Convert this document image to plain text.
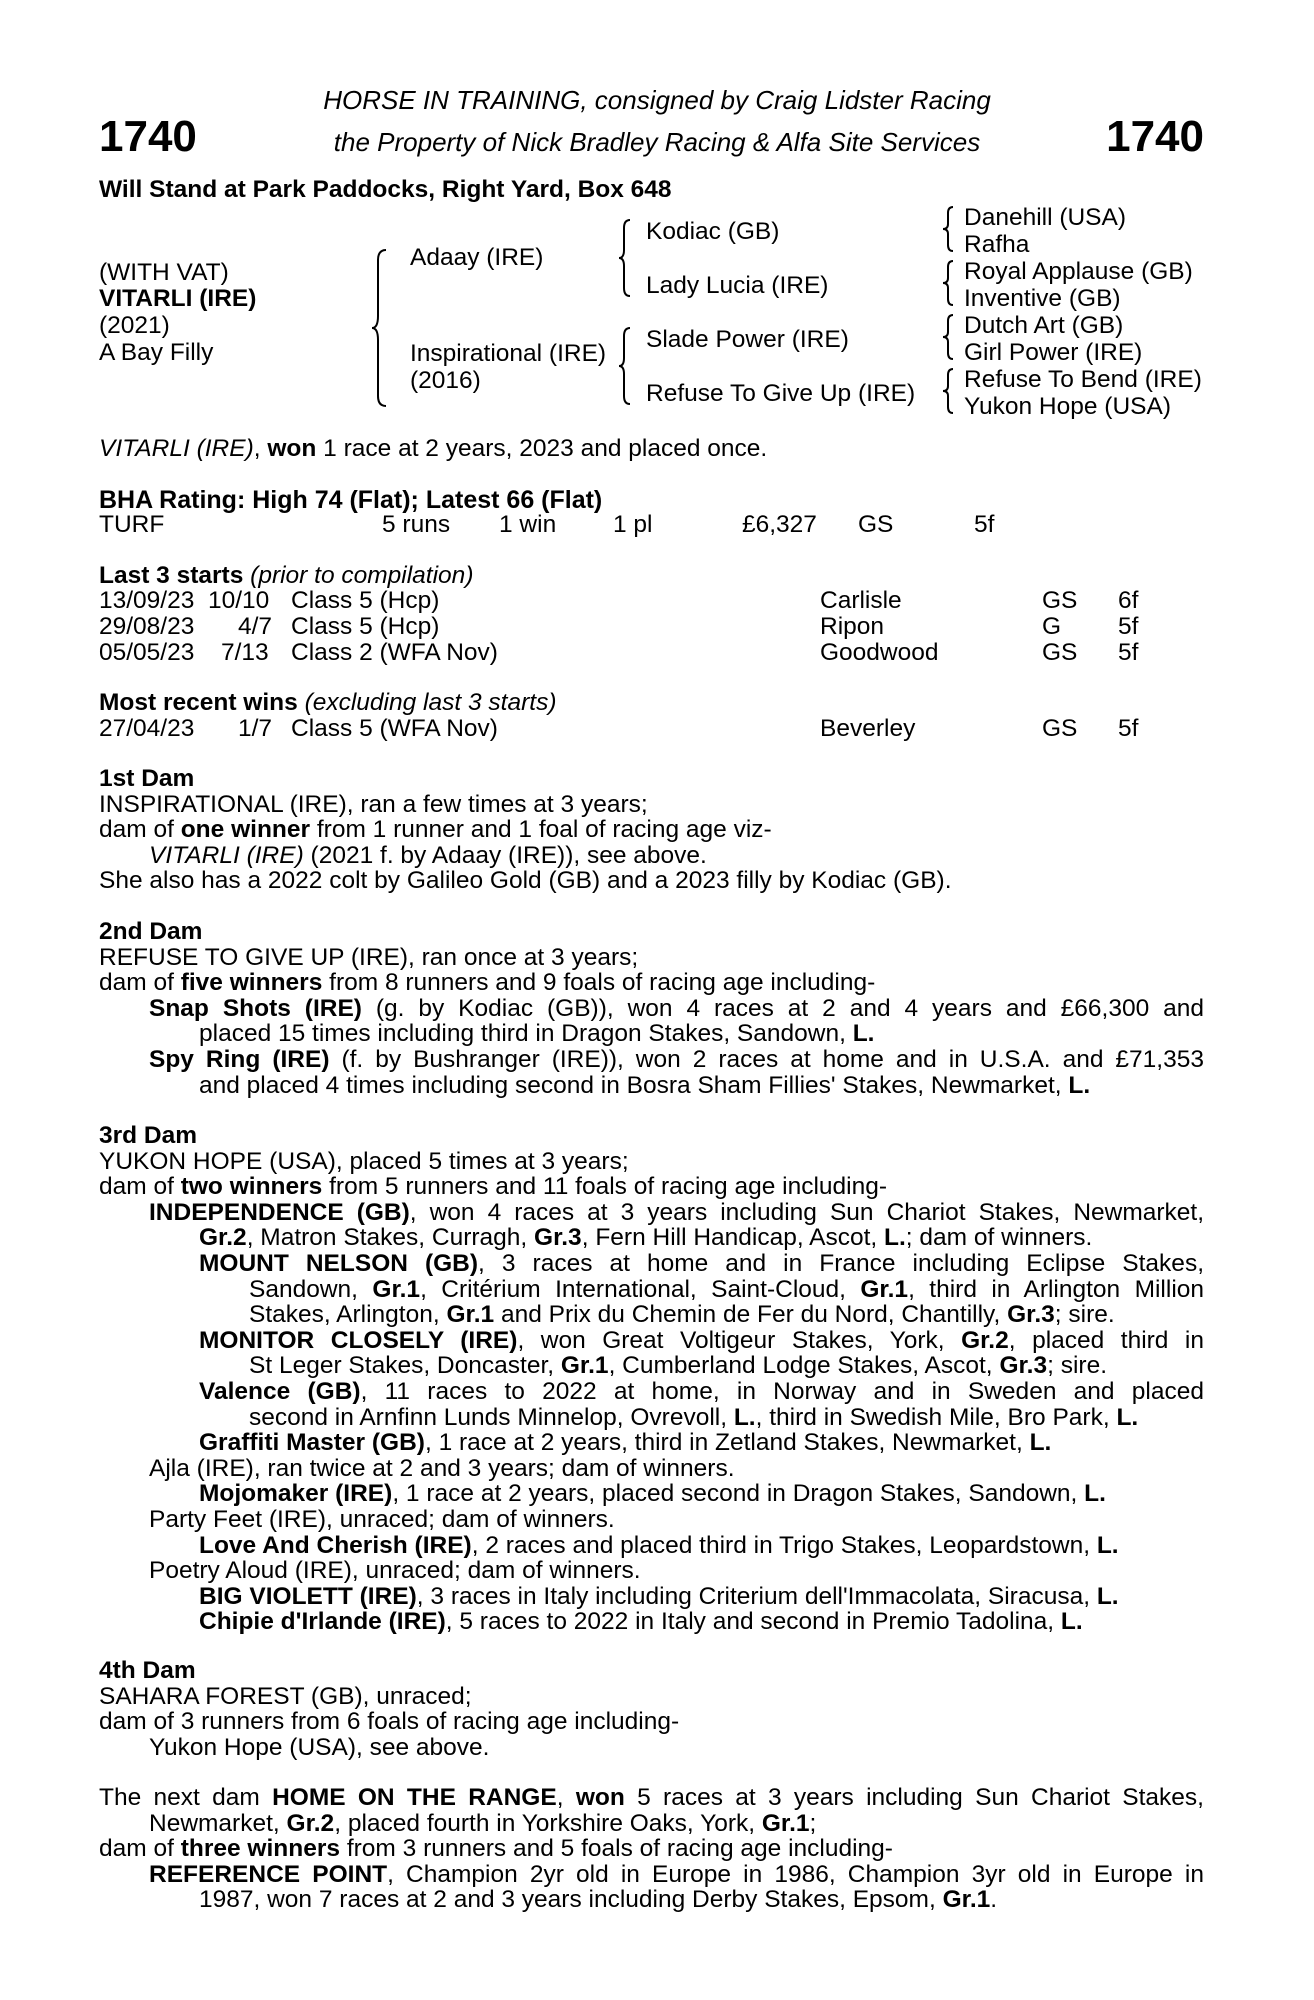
1740	1740
HORSE IN TRAINING, consigned by Craig Lidster Racing
the Property of Nick Bradley Racing & Alfa Site Services
Will Stand at Park Paddocks, Right Yard, Box 648
(WITH VAT)
VITARLI (IRE)
(2021)
A Bay Filly
Adaay (IRE)
Inspirational (IRE)
(2016)
Kodiac (GB)
Lady Lucia (IRE)
Slade Power (IRE)
Refuse To Give Up (IRE)
Danehill (USA)
Rafha
Royal Applause (GB)
Inventive (GB)
Dutch Art (GB)
Girl Power (IRE)
Refuse To Bend (IRE)
Yukon Hope (USA)
VITARLI (IRE), won 1 race at 2 years, 2023 and placed once.
BHA Rating: High 74 (Flat); Latest 66 (Flat)
TURF	5 runs 1 win 1 pl	£6,327 GS	5f
Last 3 starts (prior to compilation)
13/09/23 10/10 Class 5 (Hcp)	Carlisle	GS 6f
29/08/23 4/7 Class 5 (Hcp)	Ripon	G 5f
05/05/23 7/13 Class 2 (WFA Nov)	Goodwood	GS 5f
Most recent wins (excluding last 3 starts)
27/04/23 1/7 Class 5 (WFA Nov)	Beverley	GS 5f
1st Dam
INSPIRATIONAL (IRE), ran a few times at 3 years;
dam of one winner from 1 runner and 1 foal of racing age viz-
VITARLI (IRE) (2021 f. by Adaay (IRE)), see above.
She also has a 2022 colt by Galileo Gold (GB) and a 2023 filly by Kodiac (GB).
2nd Dam
REFUSE TO GIVE UP (IRE), ran once at 3 years;
dam of five winners from 8 runners and 9 foals of racing age including-
Snap Shots (IRE) (g. by Kodiac (GB)), won 4 races at 2 and 4 years and £66,300 and
placed 15 times including third in Dragon Stakes, Sandown, L.
Spy Ring (IRE) (f. by Bushranger (IRE)), won 2 races at home and in U.S.A. and £71,353
and placed 4 times including second in Bosra Sham Fillies' Stakes, Newmarket, L.
3rd Dam
YUKON HOPE (USA), placed 5 times at 3 years;
dam of two winners from 5 runners and 11 foals of racing age including-
INDEPENDENCE (GB), won 4 races at 3 years including Sun Chariot Stakes, Newmarket,
Gr.2, Matron Stakes, Curragh, Gr.3, Fern Hill Handicap, Ascot, L.; dam of winners.
MOUNT NELSON (GB), 3 races at home and in France including Eclipse Stakes,
Sandown, Gr.1, Critérium International, Saint-Cloud, Gr.1, third in Arlington Million
Stakes, Arlington, Gr.1 and Prix du Chemin de Fer du Nord, Chantilly, Gr.3; sire.
MONITOR CLOSELY (IRE), won Great Voltigeur Stakes, York, Gr.2, placed third in
St Leger Stakes, Doncaster, Gr.1, Cumberland Lodge Stakes, Ascot, Gr.3; sire.
Valence (GB), 11 races to 2022 at home, in Norway and in Sweden and placed
second in Arnfinn Lunds Minnelop, Ovrevoll, L., third in Swedish Mile, Bro Park, L.
Graffiti Master (GB), 1 race at 2 years, third in Zetland Stakes, Newmarket, L.
Ajla (IRE), ran twice at 2 and 3 years; dam of winners.
Mojomaker (IRE), 1 race at 2 years, placed second in Dragon Stakes, Sandown, L.
Party Feet (IRE), unraced; dam of winners.
Love And Cherish (IRE), 2 races and placed third in Trigo Stakes, Leopardstown, L.
Poetry Aloud (IRE), unraced; dam of winners.
BIG VIOLETT (IRE), 3 races in Italy including Criterium dell'Immacolata, Siracusa, L.
Chipie d'Irlande (IRE), 5 races to 2022 in Italy and second in Premio Tadolina, L.
4th Dam
SAHARA FOREST (GB), unraced;
dam of 3 runners from 6 foals of racing age including-
Yukon Hope (USA), see above.
The next dam HOME ON THE RANGE, won 5 races at 3 years including Sun Chariot Stakes,
Newmarket, Gr.2, placed fourth in Yorkshire Oaks, York, Gr.1;
dam of three winners from 3 runners and 5 foals of racing age including-
REFERENCE POINT, Champion 2yr old in Europe in 1986, Champion 3yr old in Europe in
1987, won 7 races at 2 and 3 years including Derby Stakes, Epsom, Gr.1.
